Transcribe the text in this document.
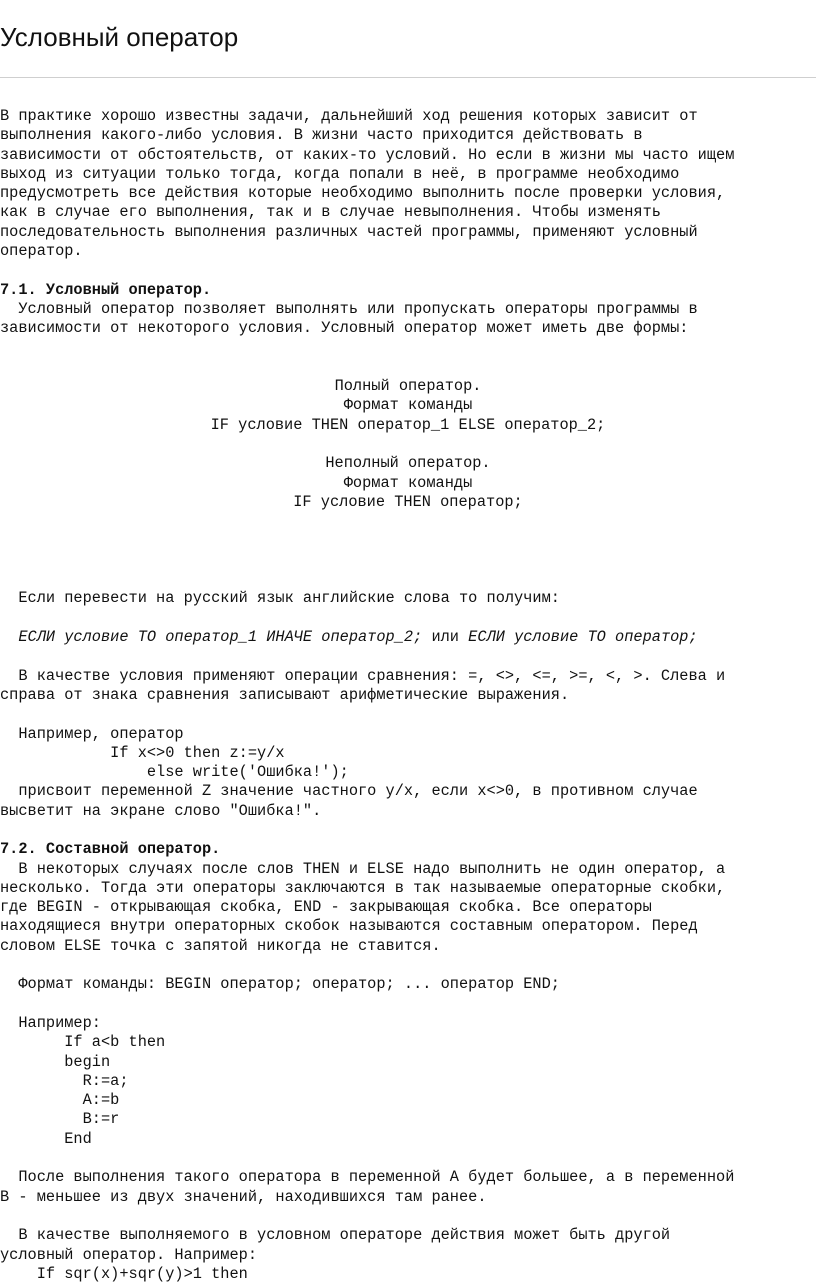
Условный оператор
В практике хорошо известны задачи, дальнейший ход решения которых зависит от
выполнения какого-либо условия. В жизни часто приходится действовать в
зависимости от обстоятельств, от каких-то условий. Но если в жизни мы часто ищем
выход из ситуации только тогда, когда попали в неё, в программе необходимо
предусмотреть все действия которые необходимо выполнить после проверки условия,
как в случае его выполнения, так и в случае невыполнения. Чтобы изменять
последовательность выполнения различных частей программы, применяют условный
оператор.
7.1. Условный оператор.
Условный оператор позволяет выполнять или пропускать операторы программы в
зависимости от некоторого условия. Условный оператор может иметь две формы:
Полный оператор.
Формат команды
IF условие THEN оператор_1 ELSE оператор_2;
Неполный оператор.
Формат команды
IF условие THEN оператор;
Если перевести на русский язык английские слова то получим:
ЕСЛИ условие ТО оператор_1 ИНАЧЕ оператор_2; или ЕСЛИ условие ТО оператор;
В качестве условия применяют операции сравнения: =, <>, <=, >=, <, >. Слева и
справа от знака сравнения записывают арифметические выражения.
Например, оператор
If x<>0 then z:=y/x
else write('Ошибка!');
присвоит переменной Z значение частного y/x, если x<>0, в противном случае
высветит на экране слово "Ошибка!".
7.2. Составной оператор.
В некоторых случаях после слов THEN и ELSE надо выполнить не один оператор, а
несколько. Тогда эти операторы заключаются в так называемые операторные скобки,
где BEGIN - открывающая скобка, END - закрывающая скобка. Все операторы
находящиеся внутри операторных скобок называются составным оператором. Перед
словом ELSE точка с запятой никогда не ставится.
Формат команды: BEGIN оператор; оператор; ... оператор END;
Например:
If a<b then
begin
R:=a;
A:=b
B:=r
End
После выполнения такого оператора в переменной A будет большее, а в переменной
B - меньшее из двух значений, находившихся там ранее.
В качестве выполняемого в условном операторе действия может быть другой
условный оператор. Например:
If sqr(x)+sqr(y)>1 then
